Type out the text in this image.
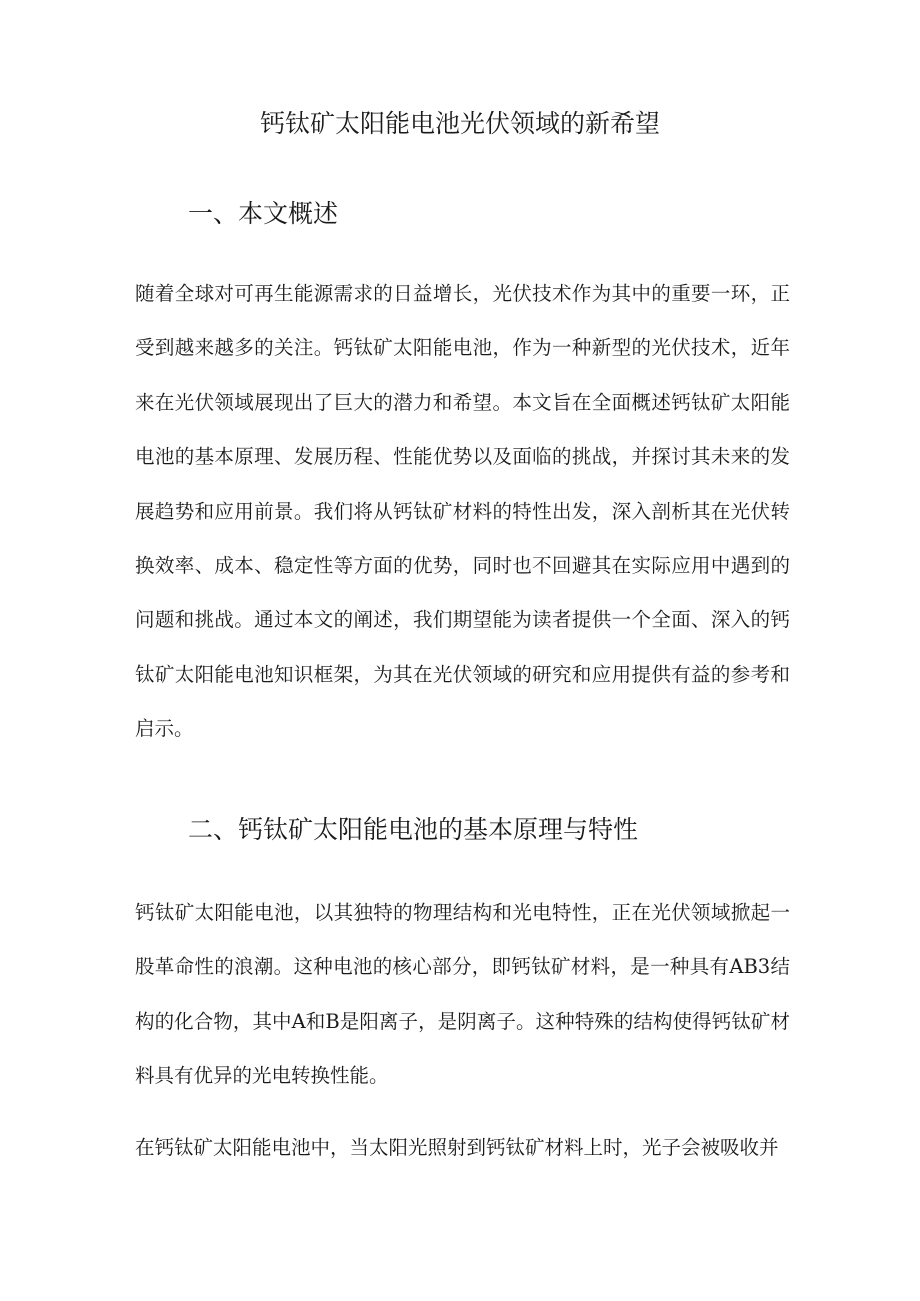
钙钛矿太阳能电池光伏领域的新希望
一、本文概述

随着全球对可再生能源需求的日益增长，光伏技术作为其中的重要一环，正受到越来越多的关注。钙钛矿太阳能电池，作为一种新型的光伏技术，近年来在光伏领域展现出了巨大的潜力和希望。本文旨在全面概述钙钛矿太阳能电池的基本原理、发展历程、性能优势以及面临的挑战，并探讨其未来的发展趋势和应用前景。我们将从钙钛矿材料的特性出发，深入剖析其在光伏转换效率、成本、稳定性等方面的优势，同时也不回避其在实际应用中遇到的问题和挑战。通过本文的阐述，我们期望能为读者提供一个全面、深入的钙钛矿太阳能电池知识框架，为其在光伏领域的研究和应用提供有益的参考和启示。

二、钙钛矿太阳能电池的基本原理与特性

钙钛矿太阳能电池，以其独特的物理结构和光电特性，正在光伏领域掀起一股革命性的浪潮。这种电池的核心部分，即钙钛矿材料，是一种具有AB3结构的化合物，其中A和B是阳离子，是阴离子。这种特殊的结构使得钙钛矿材料具有优异的光电转换性能。

在钙钛矿太阳能电池中，当太阳光照射到钙钛矿材料上时，光子会被吸收并
